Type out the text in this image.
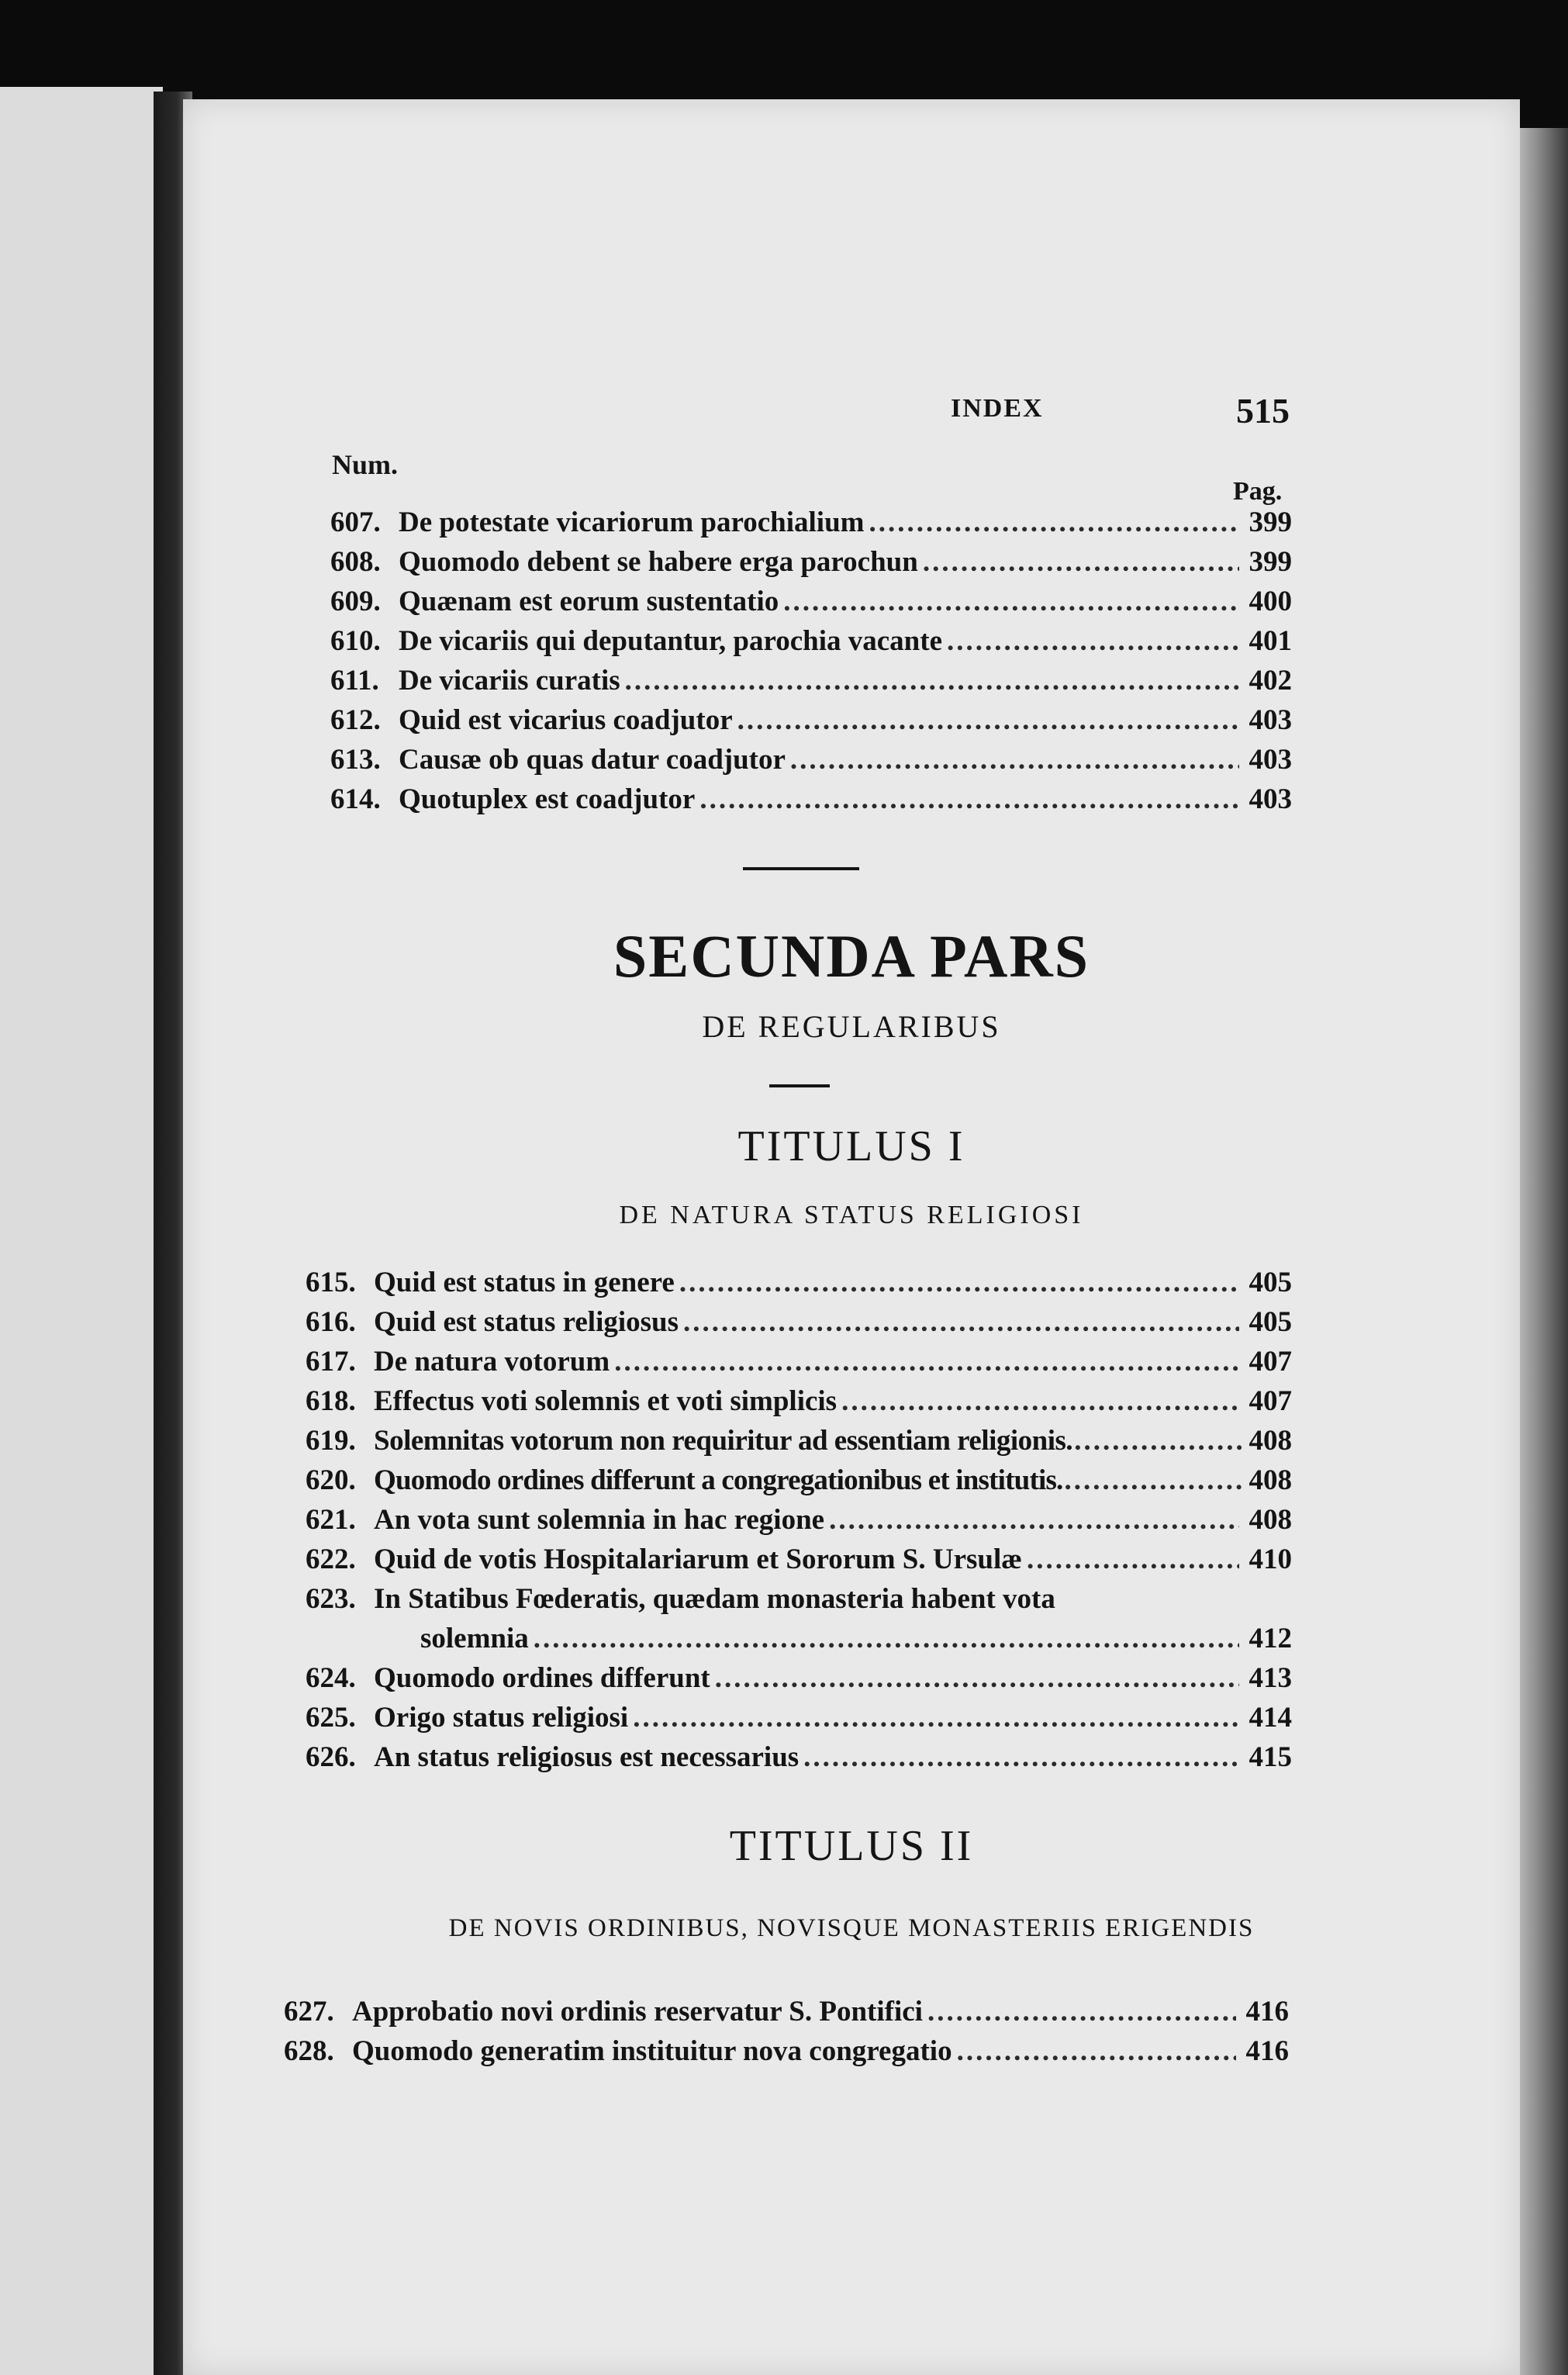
INDEX	515
Num.
Pag.
607. De potestate vicariorum parochialium .....	399
608. Quomodo debent se habere erga parochun .....	399
609. Quænam est eorum sustentatio .....	400
610. De vicariis qui deputantur, parochia vacante .....	401
611. De vicariis curatis .....	402
612. Quid est vicarius coadjutor .....	403
613. Causæ ob quas datur coadjutor .....	403
614. Quotuplex est coadjutor .....	403
SECUNDA PARS
DE REGULARIBUS
TITULUS I
DE NATURA STATUS RELIGIOSI
615. Quid est status in genere .....	405
616. Quid est status religiosus .....	405
617. De natura votorum .....	407
618. Effectus voti solemnis et voti simplicis .....	407
619. Solemnitas votorum non requiritur ad essentiam religionis. .....	408
620. Quomodo ordines differunt a congregationibus et institutis. .....	408
621. An vota sunt solemnia in hac regione .....	408
622. Quid de votis Hospitalariarum et Sororum S. Ursulæ .....	410
623. In Statibus Fœderatis, quædam monasteria habent vota
solemnia .....	412
624. Quomodo ordines differunt .....	413
625. Origo status religiosi .....	414
626. An status religiosus est necessarius .....	415
TITULUS II
DE NOVIS ORDINIBUS, NOVISQUE MONASTERIIS ERIGENDIS
627. Approbatio novi ordinis reservatur S. Pontifici .....	416
628. Quomodo generatim instituitur nova congregatio .....	416
